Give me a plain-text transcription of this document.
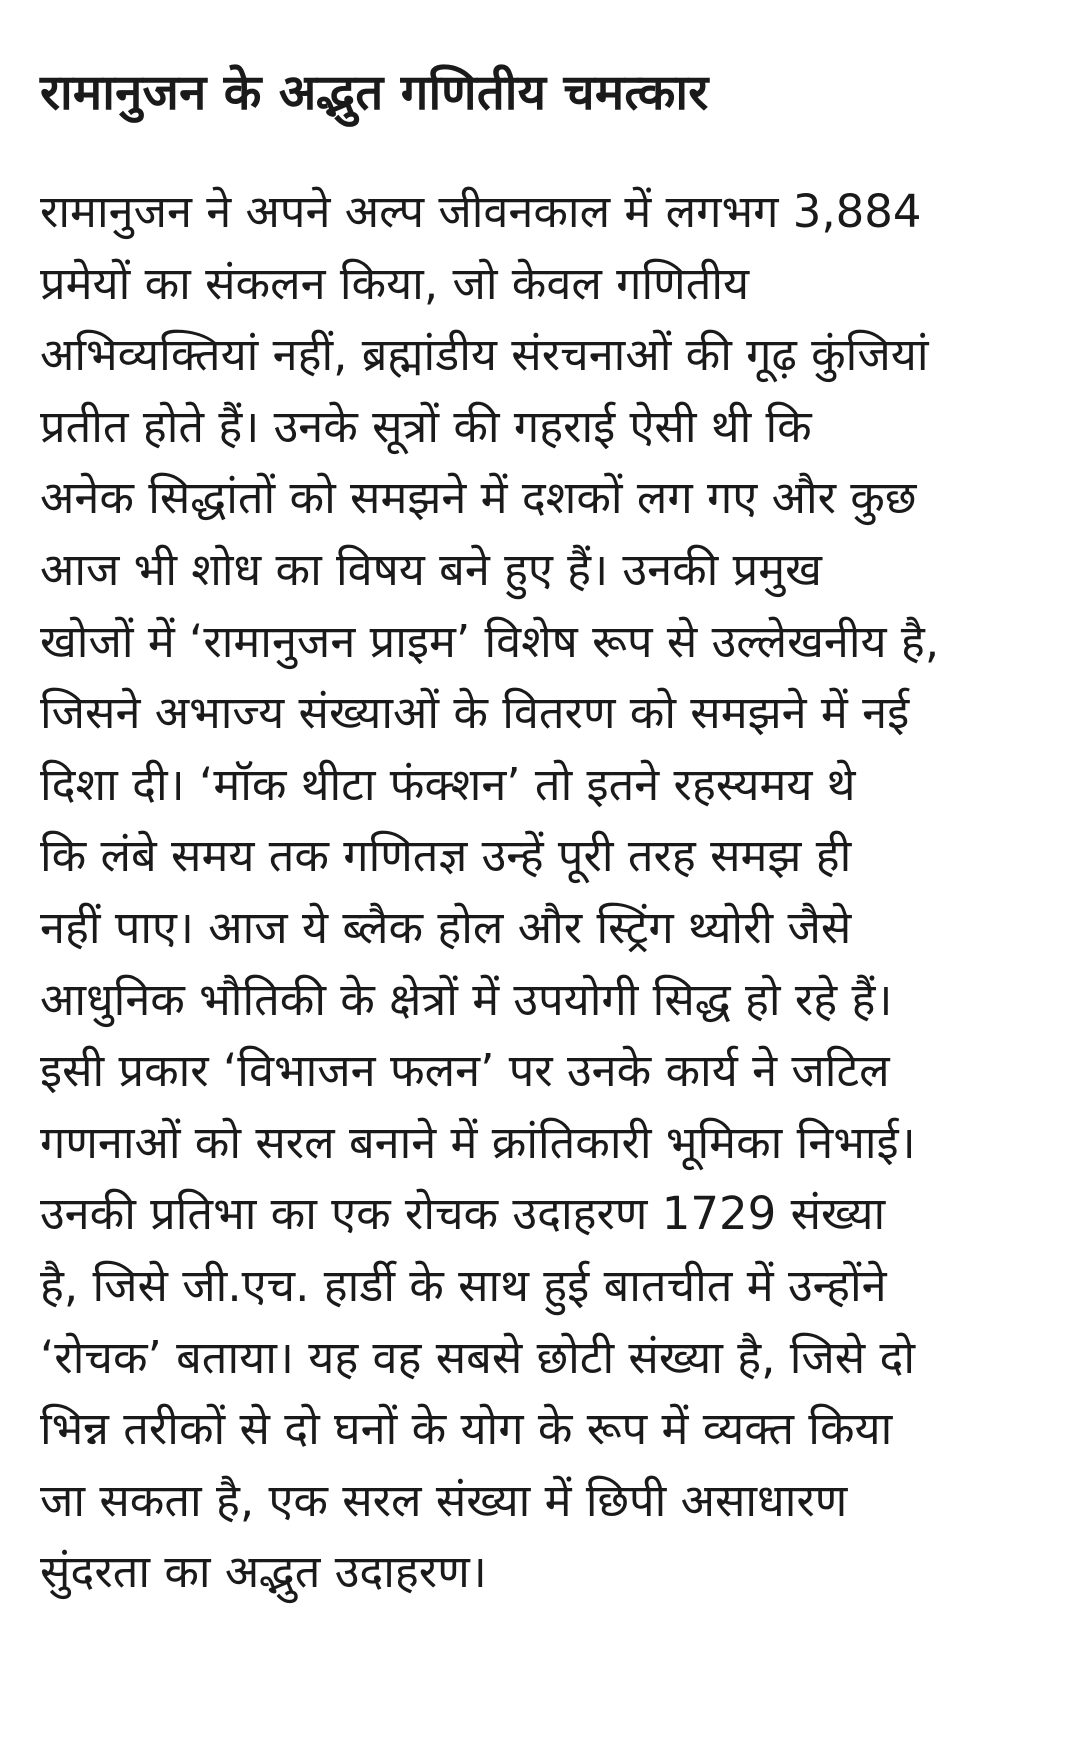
रामानुजन के अद्भुत गणितीय चमत्कार

रामानुजन ने अपने अल्प जीवनकाल में लगभग 3,884
प्रमेयों का संकलन किया, जो केवल गणितीय
अभिव्यक्तियां नहीं, ब्रह्मांडीय संरचनाओं की गूढ़ कुंजियां
प्रतीत होते हैं। उनके सूत्रों की गहराई ऐसी थी कि
अनेक सिद्धांतों को समझने में दशकों लग गए और कुछ
आज भी शोध का विषय बने हुए हैं। उनकी प्रमुख
खोजों में ‘रामानुजन प्राइम’ विशेष रूप से उल्लेखनीय है,
जिसने अभाज्य संख्याओं के वितरण को समझने में नई
दिशा दी। ‘मॉक थीटा फंक्शन’ तो इतने रहस्यमय थे
कि लंबे समय तक गणितज्ञ उन्हें पूरी तरह समझ ही
नहीं पाए। आज ये ब्लैक होल और स्ट्रिंग थ्योरी जैसे
आधुनिक भौतिकी के क्षेत्रों में उपयोगी सिद्ध हो रहे हैं।
इसी प्रकार ‘विभाजन फलन’ पर उनके कार्य ने जटिल
गणनाओं को सरल बनाने में क्रांतिकारी भूमिका निभाई।
उनकी प्रतिभा का एक रोचक उदाहरण 1729 संख्या
है, जिसे जी.एच. हार्डी के साथ हुई बातचीत में उन्होंने
‘रोचक’ बताया। यह वह सबसे छोटी संख्या है, जिसे दो
भिन्न तरीकों से दो घनों के योग के रूप में व्यक्त किया
जा सकता है, एक सरल संख्या में छिपी असाधारण
सुंदरता का अद्भुत उदाहरण।
